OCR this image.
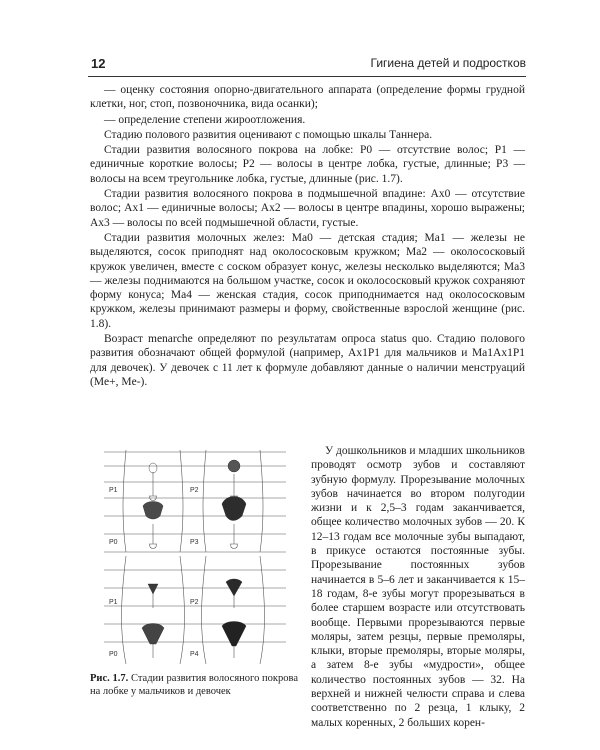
12	Гигиена детей и подростков

— оценку состояния опорно-двигательного аппарата (определение формы грудной клетки, ног, стоп, позвоночника, вида осанки);

— определение степени жироотложения.

Стадию полового развития оценивают с помощью шкалы Таннера.

Стадии развития волосяного покрова на лобке: P0 — отсутствие волос; P1 — единичные короткие волосы; P2 — волосы в центре лобка, густые, длинные; P3 — волосы на всем треугольнике лобка, густые, длинные (рис. 1.7).

Стадии развития волосяного покрова в подмышечной впадине: Ax0 — отсутствие волос; Ax1 — единичные волосы; Ax2 — волосы в центре впадины, хорошо выражены; Ax3 — волосы по всей подмышечной области, густые.

Стадии развития молочных желез: Ma0 — детская стадия; Ma1 — железы не выделяются, сосок приподнят над околососковым кружком; Ma2 — околососковый кружок увеличен, вместе с соском образует конус, железы несколько выделяются; Ma3 — железы поднимаются на большом участке, сосок и околососковый кружок сохраняют форму конуса; Ma4 — женская стадия, сосок приподнимается над околососковым кружком, железы принимают размеры и форму, свойственные взрослой женщине (рис. 1.8).

Возраст menarche определяют по результатам опроса status quo. Стадию полового развития обозначают общей формулой (например, Ax1P1 для мальчиков и Ma1Ax1P1 для девочек). У девочек с 11 лет к формуле добавляют данные о наличии менструаций (Me+, Me-).

P1	P2
P0	P3
P1	P2
P0	P4
Рис. 1.7. Стадии развития волосяного покрова на лобке у мальчиков и девочек

У дошкольников и младших школьников проводят осмотр зубов и составляют зубную формулу. Прорезывание молочных зубов начинается во втором полугодии жизни и к 2,5–3 годам заканчивается, общее количество молочных зубов — 20. К 12–13 годам все молочные зубы выпадают, в прикусе остаются постоянные зубы. Прорезывание постоянных зубов начинается в 5–6 лет и заканчивается к 15–18 годам, 8-е зубы могут прорезываться в более старшем возрасте или отсутствовать вообще. Первыми прорезываются первые моляры, затем резцы, первые премоляры, клыки, вторые премоляры, вторые моляры, а затем 8-е зубы «мудрости», общее количество постоянных зубов — 32. На верхней и нижней челюсти справа и слева соответственно по 2 резца, 1 клыку, 2 малых коренных, 2 больших корен-
